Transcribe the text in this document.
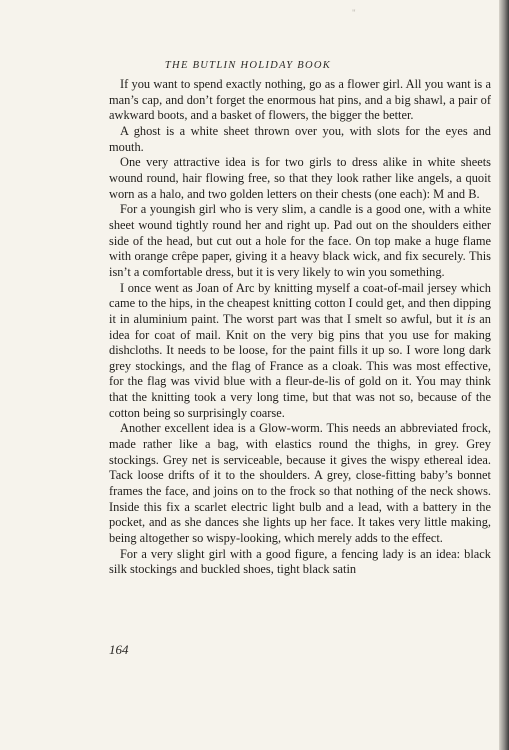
"
THE BUTLIN HOLIDAY BOOK

If you want to spend exactly nothing, go as a flower girl. All you want is a man’s cap, and don’t forget the enormous hat pins, and a big shawl, a pair of awkward boots, and a basket of flowers, the bigger the better.

A ghost is a white sheet thrown over you, with slots for the eyes and mouth.

One very attractive idea is for two girls to dress alike in white sheets wound round, hair flowing free, so that they look rather like angels, a quoit worn as a halo, and two golden letters on their chests (one each): M and B.

For a youngish girl who is very slim, a candle is a good one, with a white sheet wound tightly round her and right up. Pad out on the shoulders either side of the head, but cut out a hole for the face. On top make a huge flame with orange crêpe paper, giving it a heavy black wick, and fix securely. This isn’t a comfortable dress, but it is very likely to win you something.

I once went as Joan of Arc by knitting myself a coat-of-mail jersey which came to the hips, in the cheapest knitting cotton I could get, and then dipping it in aluminium paint. The worst part was that I smelt so awful, but it is an idea for coat of mail. Knit on the very big pins that you use for making dishcloths. It needs to be loose, for the paint fills it up so. I wore long dark grey stockings, and the flag of France as a cloak. This was most effective, for the flag was vivid blue with a fleur-de-lis of gold on it. You may think that the knitting took a very long time, but that was not so, because of the cotton being so surprisingly coarse.

Another excellent idea is a Glow-worm. This needs an abbreviated frock, made rather like a bag, with elastics round the thighs, in grey. Grey stockings. Grey net is serviceable, because it gives the wispy ethereal idea. Tack loose drifts of it to the shoulders. A grey, close-fitting baby’s bonnet frames the face, and joins on to the frock so that nothing of the neck shows. Inside this fix a scarlet electric light bulb and a lead, with a battery in the pocket, and as she dances she lights up her face. It takes very little making, being altogether so wispy-looking, which merely adds to the effect.

For a very slight girl with a good figure, a fencing lady is an idea: black silk stockings and buckled shoes, tight black satin

164
